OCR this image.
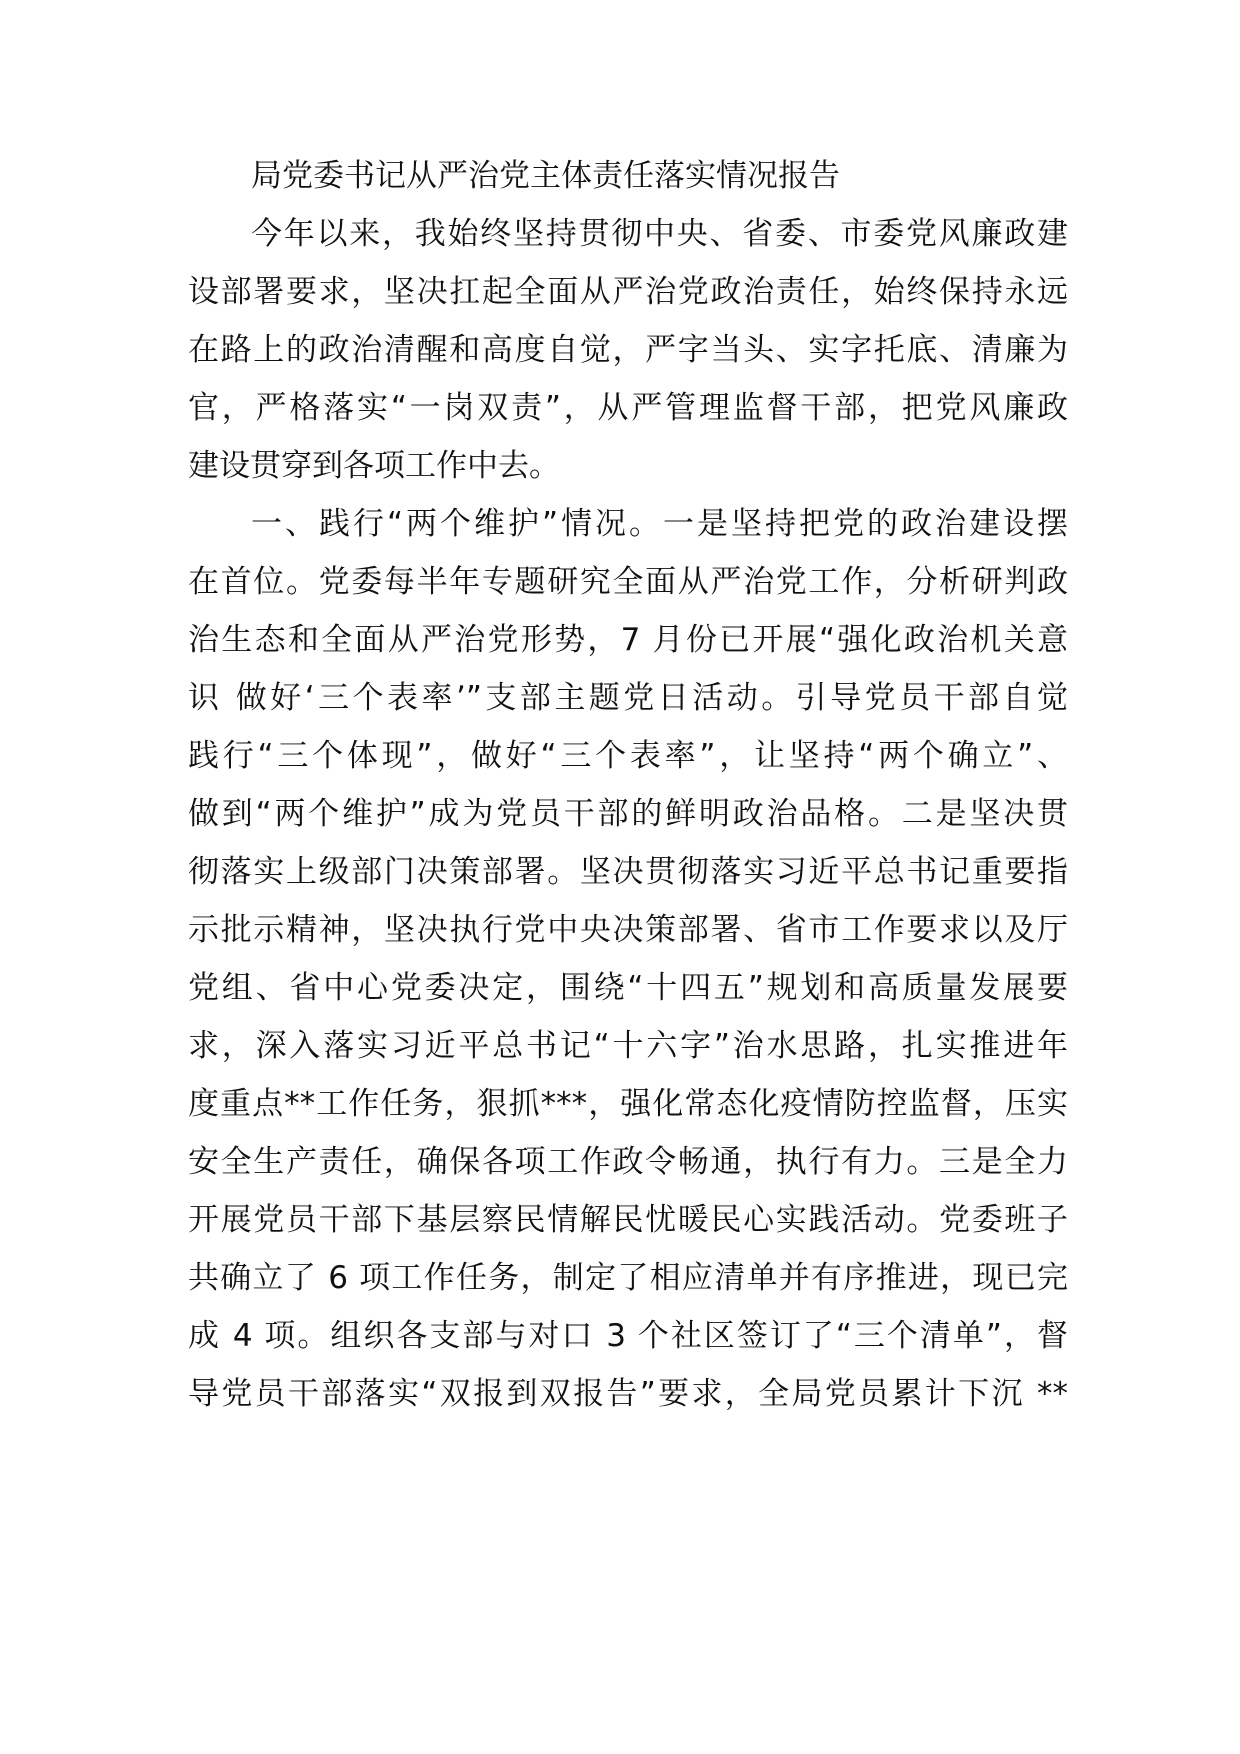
局党委书记从严治党主体责任落实情况报告
今年以来，我始终坚持贯彻中央、省委、市委党风廉政建
设部署要求，坚决扛起全面从严治党政治责任，始终保持永远
在路上的政治清醒和高度自觉，严字当头、实字托底、清廉为
官，严格落实“一岗双责”，从严管理监督干部，把党风廉政
建设贯穿到各项工作中去。
一、践行“两个维护”情况。一是坚持把党的政治建设摆
在首位。党委每半年专题研究全面从严治党工作，分析研判政
治生态和全面从严治党形势，7 月份已开展“强化政治机关意
识 做好‘三个表率’”支部主题党日活动。引导党员干部自觉
践行“三个体现”，做好“三个表率”，让坚持“两个确立”、
做到“两个维护”成为党员干部的鲜明政治品格。二是坚决贯
彻落实上级部门决策部署。坚决贯彻落实习近平总书记重要指
示批示精神，坚决执行党中央决策部署、省市工作要求以及厅
党组、省中心党委决定，围绕“十四五”规划和高质量发展要
求，深入落实习近平总书记“十六字”治水思路，扎实推进年
度重点**工作任务，狠抓***，强化常态化疫情防控监督，压实
安全生产责任，确保各项工作政令畅通，执行有力。三是全力
开展党员干部下基层察民情解民忧暖民心实践活动。党委班子
共确立了 6 项工作任务，制定了相应清单并有序推进，现已完
成 4 项。组织各支部与对口 3 个社区签订了“三个清单”，督
导党员干部落实“双报到双报告”要求，全局党员累计下沉 **
